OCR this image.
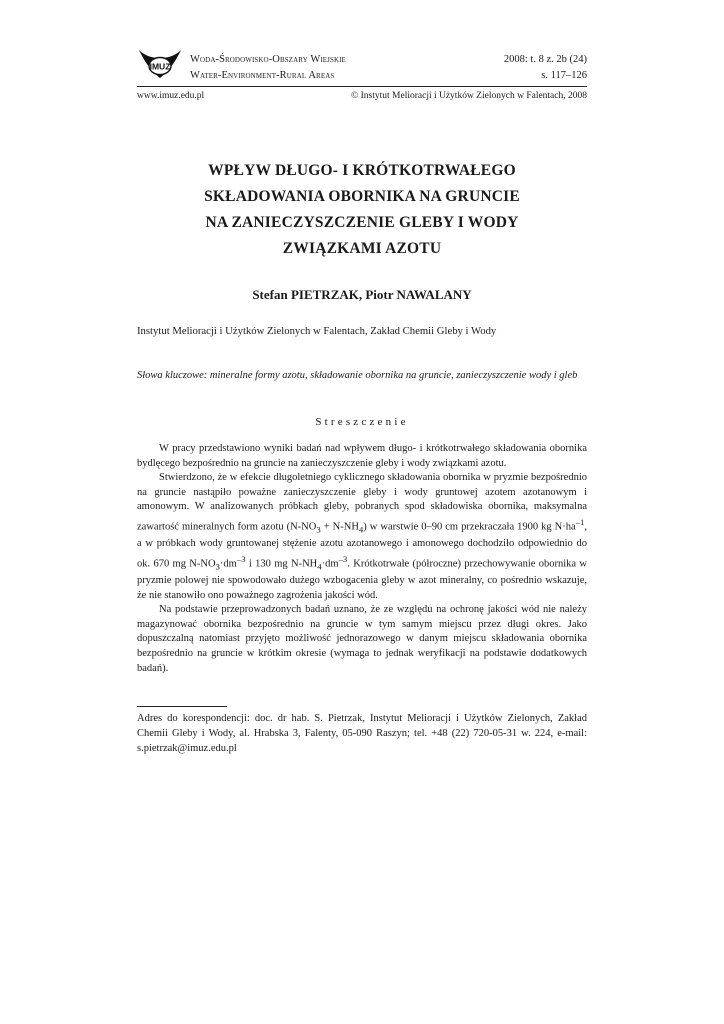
IMUZ
Woda-Środowisko-Obszary Wiejskie
Water-Environment-Rural Areas
2008: t. 8 z. 2b (24)
s. 117–126
www.imuz.edu.pl	© Instytut Melioracji i Użytków Zielonych w Falentach, 2008
WPŁYW DŁUGO- I KRÓTKOTRWAŁEGO
SKŁADOWANIA OBORNIKA NA GRUNCIE
NA ZANIECZYSZCZENIE GLEBY I WODY
ZWIĄZKAMI AZOTU
Stefan PIETRZAK, Piotr NAWALANY
Instytut Melioracji i Użytków Zielonych w Falentach, Zakład Chemii Gleby i Wody
Słowa kluczowe: mineralne formy azotu, składowanie obornika na gruncie, zanieczyszczenie wody i gleb
Streszczenie

W pracy przedstawiono wyniki badań nad wpływem długo- i krótkotrwałego składowania obornika bydlęcego bezpośrednio na gruncie na zanieczyszczenie gleby i wody związkami azotu.

Stwierdzono, że w efekcie długoletniego cyklicznego składowania obornika w pryzmie bezpośrednio na gruncie nastąpiło poważne zanieczyszczenie gleby i wody gruntowej azotem azotanowym i amonowym. W analizowanych próbkach gleby, pobranych spod składowiska obornika, maksymalna zawartość mineralnych form azotu $(N-NO_3 + N-NH_4)$ w warstwie 0–90 cm przekraczała 1900 kg $N\cdot ha^{-1}$, a w próbkach wody gruntowanej stężenie azotu azotanowego i amonowego dochodziło odpowiednio do ok. 670 mg $N-NO_3\cdot dm^{-3}$ i 130 mg $N-NH_4\cdot dm^{-3}$. Krótkotrwałe (półroczne) przechowywanie obornika w pryzmie polowej nie spowodowało dużego wzbogacenia gleby w azot mineralny, co pośrednio wskazuje, że nie stanowiło ono poważnego zagrożenia jakości wód.

Na podstawie przeprowadzonych badań uznano, że ze względu na ochronę jakości wód nie należy magazynować obornika bezpośrednio na gruncie w tym samym miejscu przez długi okres. Jako dopuszczalną natomiast przyjęto możliwość jednorazowego w danym miejscu składowania obornika bezpośrednio na gruncie w krótkim okresie (wymaga to jednak weryfikacji na podstawie dodatkowych badań).

Adres do korespondencji: doc. dr hab. S. Pietrzak, Instytut Melioracji i Użytków Zielonych, Zakład Chemii Gleby i Wody, al. Hrabska 3, Falenty, 05-090 Raszyn; tel. +48 (22) 720-05-31 w. 224, e-mail: s.pietrzak@imuz.edu.pl
